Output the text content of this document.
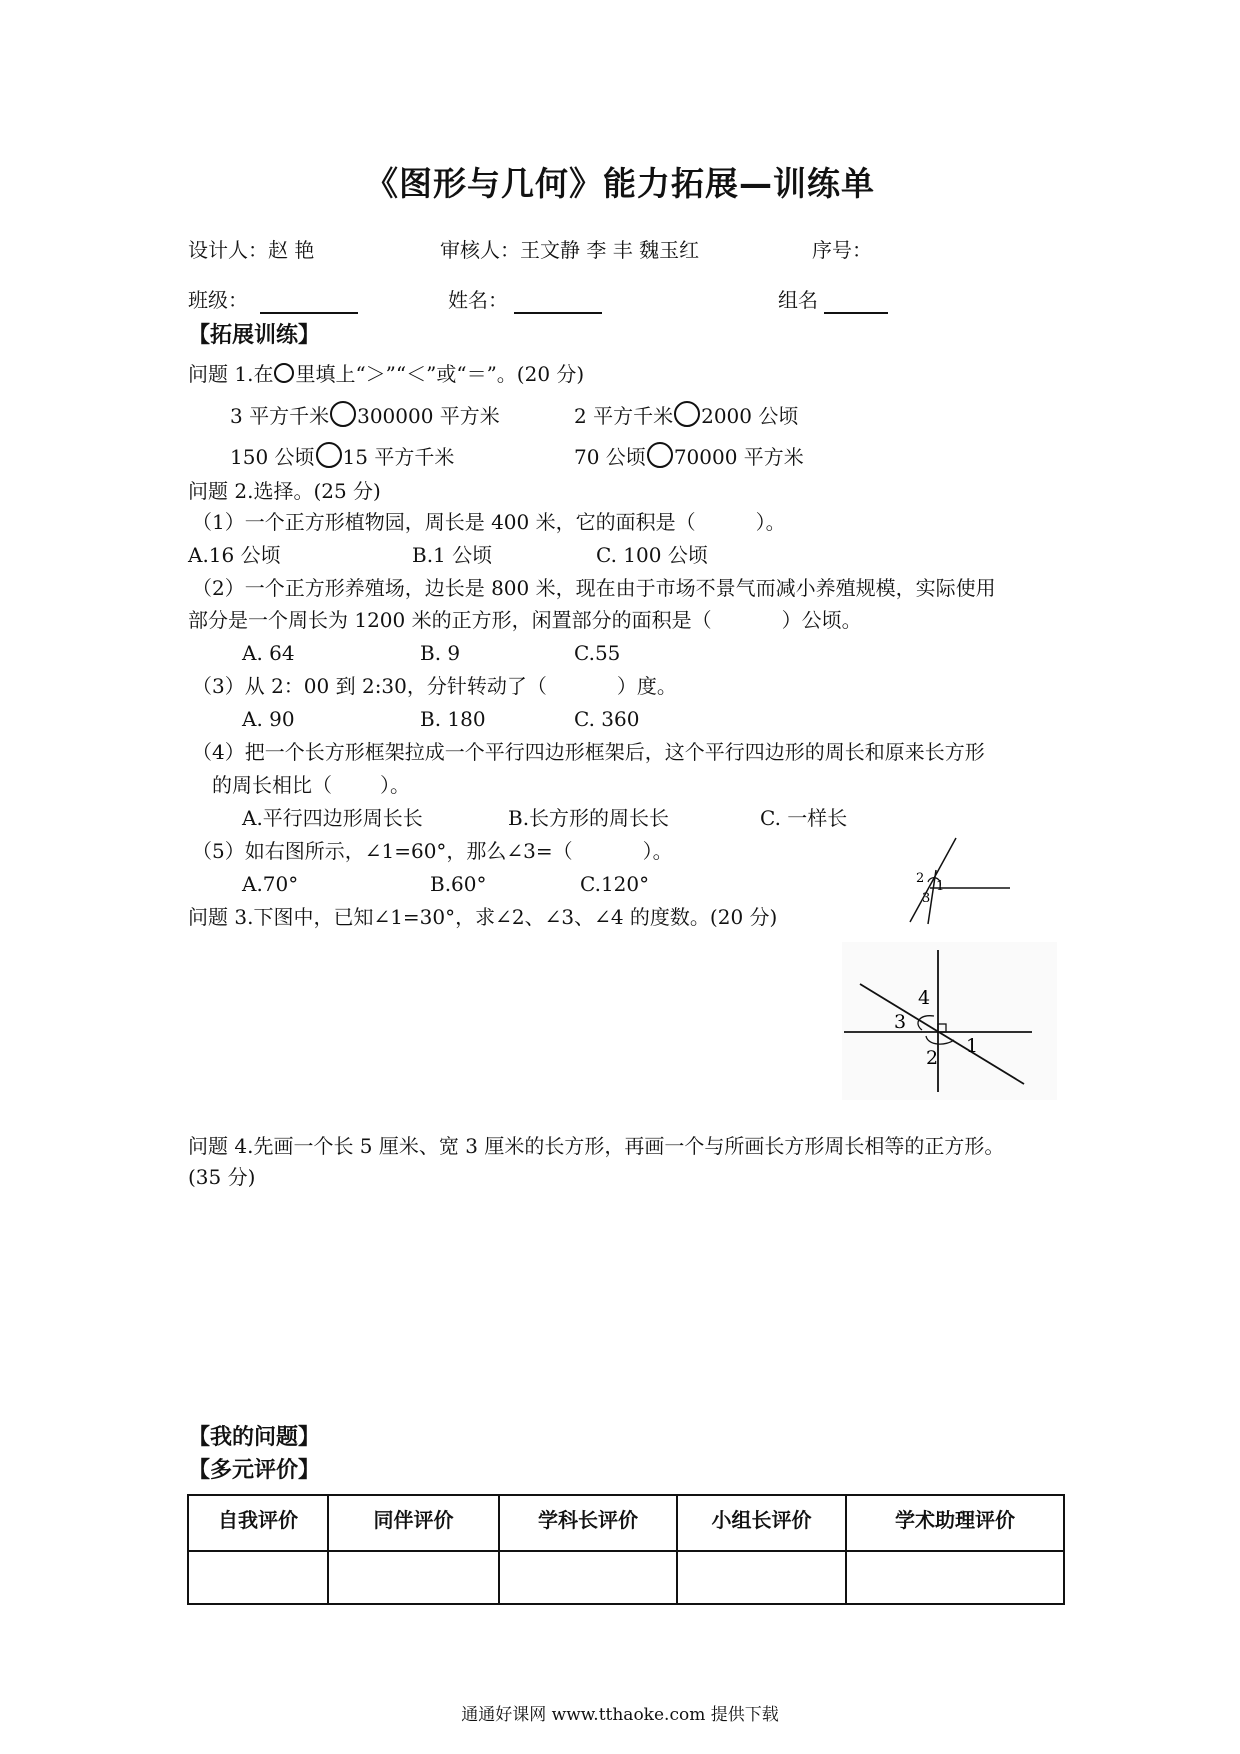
《图形与几何》能力拓展—训练单
设计人：赵 艳	审核人：王文静 李 丰 魏玉红	序号：
班级：	姓名：	组名
【拓展训练】
问题 1.在 里填上“＞”“＜”或“＝”。(20 分)
3 平方千米 300000 平方米	2 平方千米 2000 公顷
150 公顷 15 平方千米	70 公顷 70000 平方米
问题 2.选择。(25 分)
（1）一个正方形植物园，周长是 400 米，它的面积是（	）。
A.16 公顷	B.1 公顷	C. 100 公顷
（2）一个正方形养殖场，边长是 800 米，现在由于市场不景气而减小养殖规模，实际使用
部分是一个周长为 1200 米的正方形，闲置部分的面积是（	）公顷。
A. 64	B. 9	C.55
（3）从 2：00 到 2:30，分针转动了（	）度。
A. 90	B. 180	C. 360
（4）把一个长方形框架拉成一个平行四边形框架后，这个平行四边形的周长和原来长方形
的周长相比（ ）。
A.平行四边形周长长	B.长方形的周长长	C. 一样长
（5）如右图所示，∠1=60°，那么∠3=（	）。
A.70°	B.60°	C.120°	2
1
3
问题 3.下图中，已知∠1=30°，求∠2、∠3、∠4 的度数。(20 分)
4
3
2
1
问题 4.先画一个长 5 厘米、宽 3 厘米的长方形，再画一个与所画长方形周长相等的正方形。
(35 分)
【我的问题】
【多元评价】
自我评价	同伴评价	学科长评价	小组长评价	学术助理评价

通通好课网 www.tthaoke.com 提供下载
